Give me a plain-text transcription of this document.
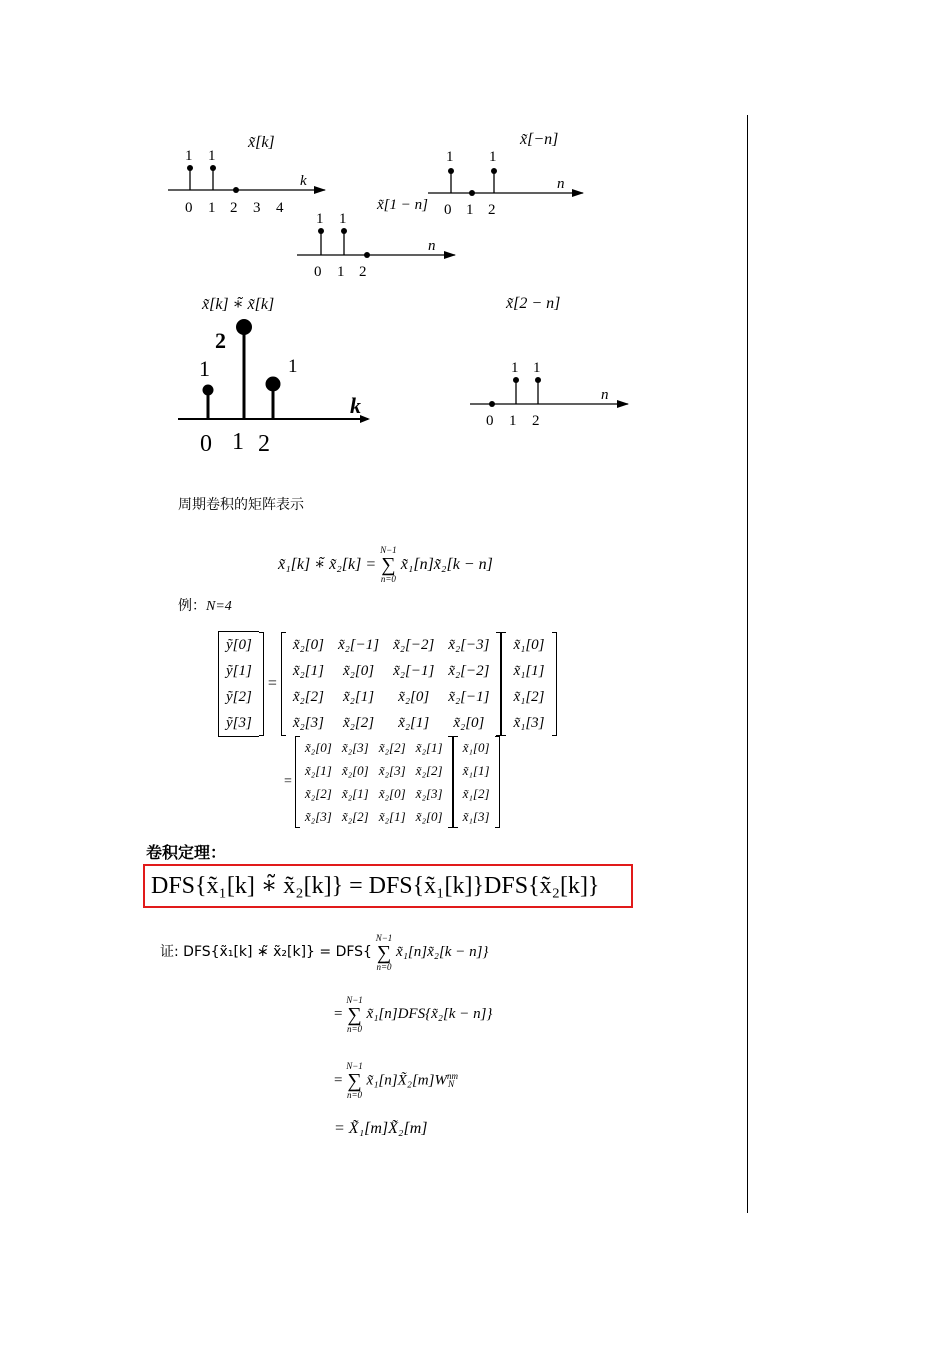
x̃[k]
k
1 1
0 1 2 3 4
x̃[−n]
n
1 1
x̃[1 − n] 0 1 2
n
1 1
0 1 2
x̃[k] ∗̃ x̃[k]
k
1
2
1
0 1 2
x̃[2 − n]
n
1 1
0 1 2
周期卷积的矩阵表示
x̃₁[k] ∗̃ x̃₂[k] =
N−1
∑
n=0
x̃₁[n]x̃₂[k − n]
例：N=4
ỹ[0]
ỹ[1]
ỹ[2]
ỹ[3]
=
x̃₂[0]	x̃₂[−1]	x̃₂[−2]	x̃₂[−3]
x̃₂[1]	x̃₂[0]	x̃₂[−1]	x̃₂[−2]
x̃₂[2]	x̃₂[1]	x̃₂[0]	x̃₂[−1]
x̃₂[3]	x̃₂[2]	x̃₂[1]	x̃₂[0]
x̃₁[0]
x̃₁[1]
x̃₁[2]
x̃₁[3]
=
x̃₂[0]	x̃₂[3]	x̃₂[2]	x̃₂[1]
x̃₂[1]	x̃₂[0]	x̃₂[3]	x̃₂[2]
x̃₂[2]	x̃₂[1]	x̃₂[0]	x̃₂[3]
x̃₂[3]	x̃₂[2]	x̃₂[1]	x̃₂[0]
x̃₁[0]
x̃₁[1]
x̃₁[2]
x̃₁[3]
卷积定理：
DFS{x̃₁[k] ∗̃ x̃₂[k]} = DFS{x̃₁[k]}DFS{x̃₂[k]}
证: DFS{x̃₁[k] ∗̃ x̃₂[k]} = DFS{
N−1
∑
n=0
x̃₁[n]x̃₂[k − n]}
=
N−1
∑
n=0
x̃₁[n]DFS{x̃₂[k − n]}
=
N−1
∑
n=0
$x̃_1[n]X̃_2[m]W^{nm}_N$
= X̃₁[m]X̃₂[m]
